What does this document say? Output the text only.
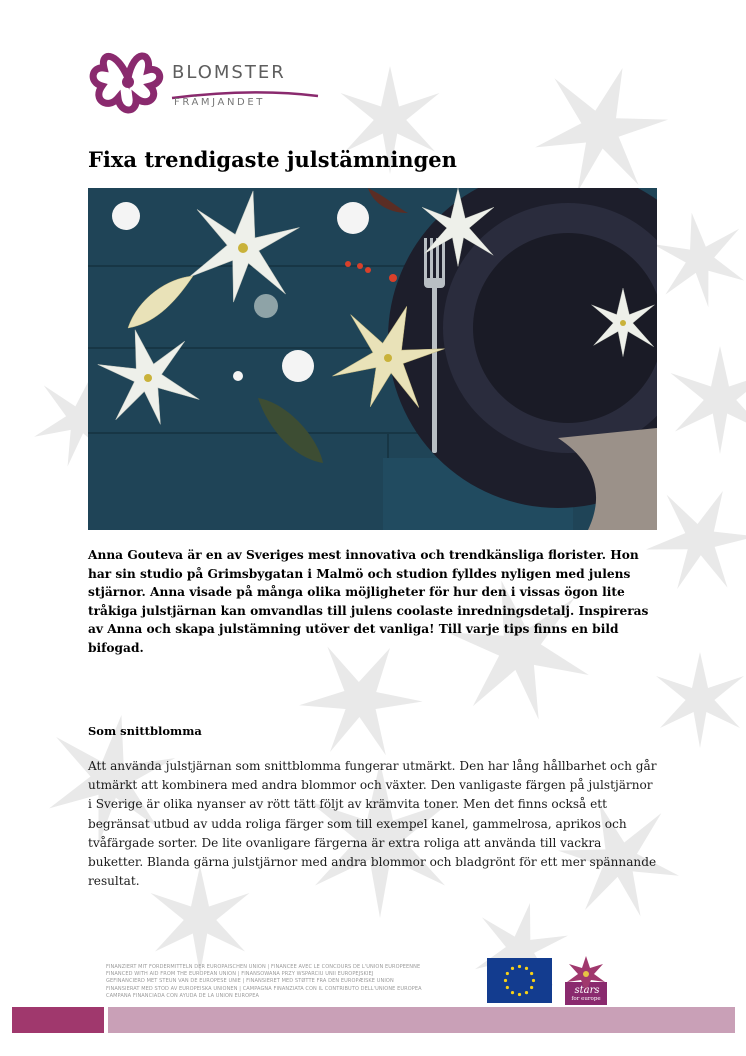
BLOMSTER
FRÄMJANDET
Fixa trendigaste julstämningen

Anna Gouteva är en av Sveriges mest innovativa och trendkänsliga florister. Hon har sin studio på Grimsbygatan i Malmö och studion fylldes nyligen med julens stjärnor. Anna visade på många olika möjligheter för hur den i vissas ögon lite tråkiga julstjärnan kan omvandlas till julens coolaste inredningsdetalj. Inspireras av Anna och skapa julstämning utöver det vanliga! Till varje tips finns en bild bifogad.

Som snittblomma

Att använda julstjärnan som snittblomma fungerar utmärkt. Den har lång hållbarhet och går utmärkt att kombinera med andra blommor och växter. Den vanligaste färgen på julstjärnor i Sverige är olika nyanser av rött tätt följt av krämvita toner. Men det finns också ett begränsat utbud av udda roliga färger som till exempel kanel, gammelrosa, aprikos och tvåfärgade sorter. De lite ovanligare färgerna är extra roliga att använda till vackra buketter. Blanda gärna julstjärnor med andra blommor och bladgrönt för ett mer spännande resultat.

FINANZIERT MIT FÖRDERMITTELN DER EUROPÄISCHEN UNION | FINANCÉE AVEC LE CONCOURS DE L'UNION EUROPÉENNE
FINANCED WITH AID FROM THE EUROPEAN UNION | FINANSOWANA PRZY WSPARCIU UNII EUROPEJSKIEJ
GEFINANCIERD MET STEUN VAN DE EUROPESE UNIE | FINANSIERET MED STØTTE FRA DEN EUROPÆISKE UNION
FINANSIERAT MED STÖD AV EUROPEISKA UNIONEN | CAMPAGNA FINANZIATA CON IL CONTRIBUTO DELL'UNIONE EUROPEA
CAMPAÑA FINANCIADA CON AYUDA DE LA UNIÓN EUROPEA	stars
for europe
